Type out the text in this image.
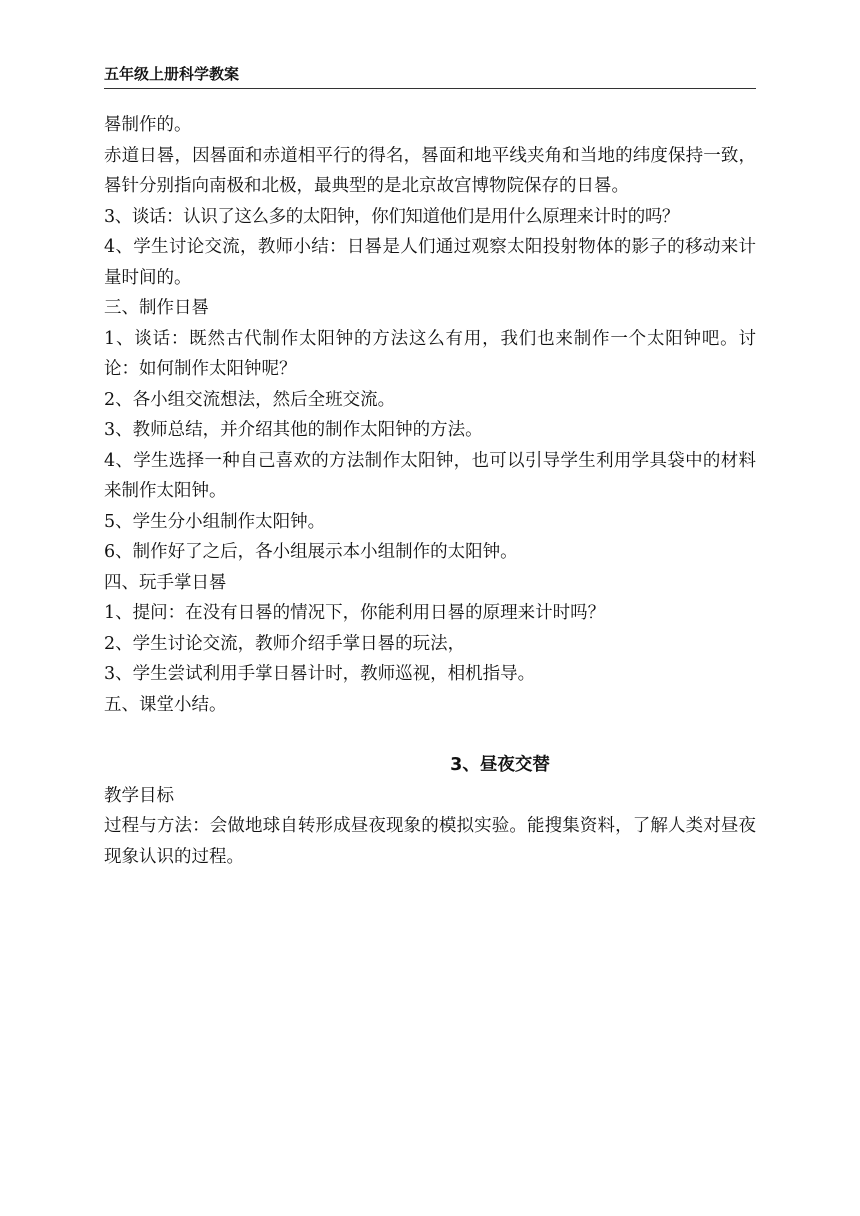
五年级上册科学教案

晷制作的。

赤道日晷，因晷面和赤道相平行的得名，晷面和地平线夹角和当地的纬度保持一致，晷针分别指向南极和北极，最典型的是北京故宫博物院保存的日晷。

3、谈话：认识了这么多的太阳钟，你们知道他们是用什么原理来计时的吗？

4、学生讨论交流，教师小结：日晷是人们通过观察太阳投射物体的影子的移动来计量时间的。

三、制作日晷

1、谈话：既然古代制作太阳钟的方法这么有用，我们也来制作一个太阳钟吧。讨论：如何制作太阳钟呢？

2、各小组交流想法，然后全班交流。

3、教师总结，并介绍其他的制作太阳钟的方法。

4、学生选择一种自己喜欢的方法制作太阳钟，也可以引导学生利用学具袋中的材料来制作太阳钟。

5、学生分小组制作太阳钟。

6、制作好了之后，各小组展示本小组制作的太阳钟。

四、玩手掌日晷

1、提问：在没有日晷的情况下，你能利用日晷的原理来计时吗？

2、学生讨论交流，教师介绍手掌日晷的玩法，

3、学生尝试利用手掌日晷计时，教师巡视，相机指导。

五、课堂小结。

3、昼夜交替

教学目标

过程与方法：会做地球自转形成昼夜现象的模拟实验。能搜集资料，了解人类对昼夜现象认识的过程。
